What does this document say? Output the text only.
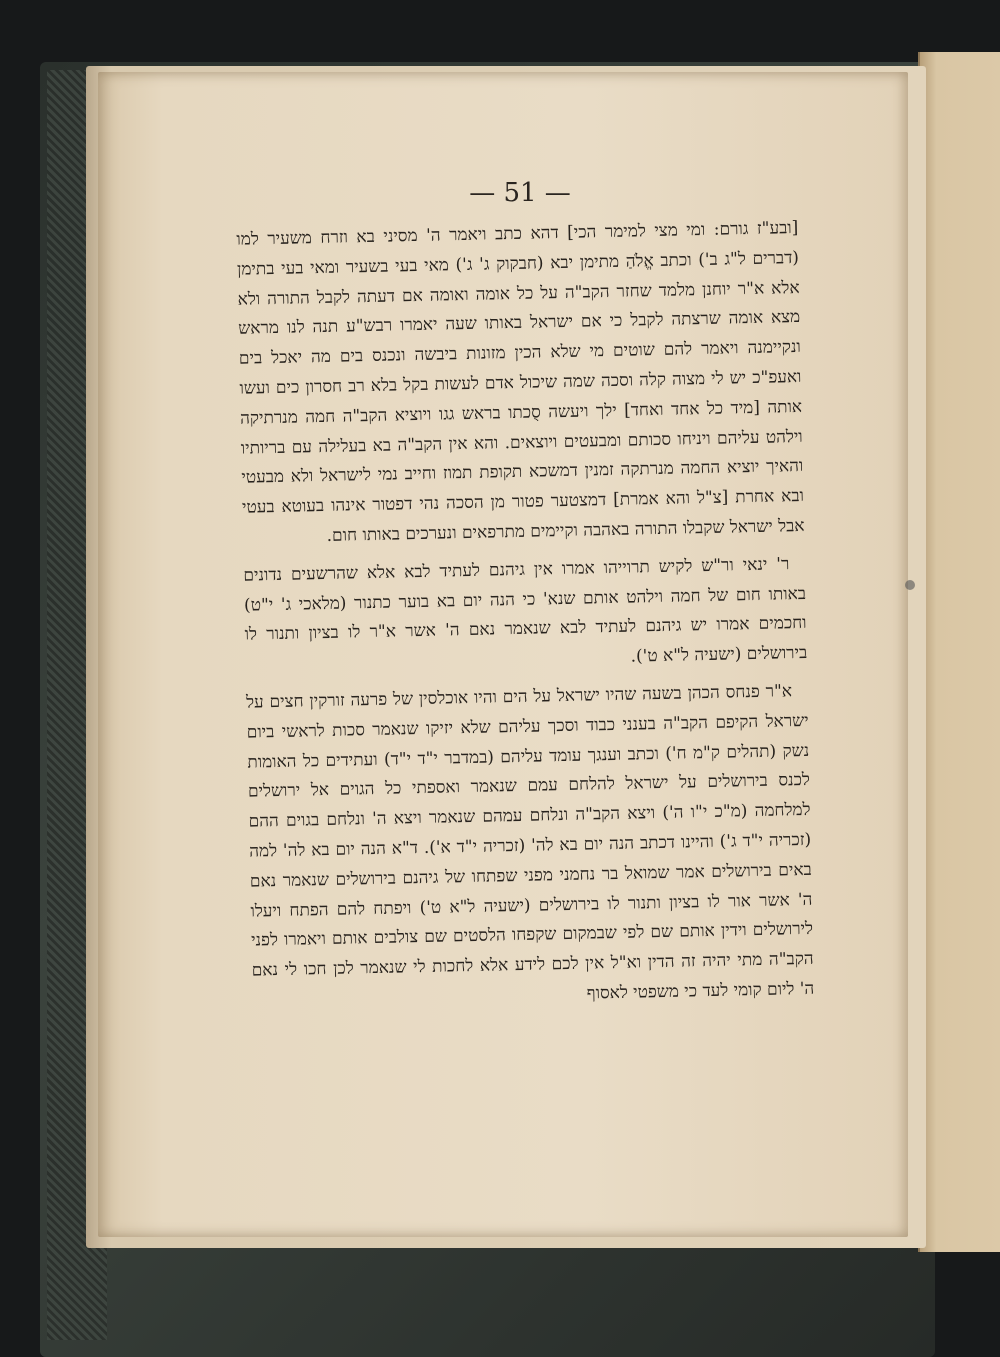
— 51 —

[ובע"ז גורם: ומי מצי למימר הכי] דהא כתב ויאמר ה' מסיני בא וזרח משעיר למו (דברים ל"ג ב') וכתב אֱלֹהַ מתימן יבא (חבקוק ג' ג') מאי בעי בשעיר ומאי בעי בתימן אלא א"ר יוחנן מלמד שחזר הקב"ה על כל אומה ואומה אם דעתה לקבל התורה ולא מצא אומה שרצתה לקבל כי אם ישראל באותו שעה יאמרו רבש"ע תנה לנו מראש ונקיימנה ויאמר להם שוטים מי שלא הכין מזונות ביבשה ונכנס בים מה יאכל בים ואעפ"כ יש לי מצוה קלה וסכה שמה שיכול אדם לעשות בקל בלא רב חסרון כים ועשו אותה [מיד כל אחד ואחד] ילך ויעשה סֻכתו בראש גגו ויוציא הקב"ה חמה מנרתיקה וילהט עליהם ויניחו סכותם ומבעטים ויוצאים. והא אין הקב"ה בא בעלילה עם בריותיו והאיך יוציא החמה מנרתקה זמנין דמשכא תקופת תמוז וחייב נמי לישראל ולא מבעטי ובא אחרת [צ"ל והא אמרת] דמצטער פטור מן הסכה נהי דפטור אינהו בעוטא בעטי אבל ישראל שקבלו התורה באהבה וקיימים מתרפאים ונערכים באותו חום.

ר' ינאי ור"ש לקיש תרוייהו אמרו אין גיהנם לעתיד לבא אלא שהרשעים נדונים באותו חום של חמה וילהט אותם שנא' כי הנה יום בא בוער כתנור (מלאכי ג' י"ט) וחכמים אמרו יש גיהנם לעתיד לבא שנאמר נאם ה' אשר א"ר לו בציון ותנור לו בירושלים (ישעיה ל"א ט').

א"ר פנחס הכהן בשעה שהיו ישראל על הים והיו אוכלסין של פרעה זורקין חצים על ישראל הקיפם הקב"ה בענני כבוד וסכך עליהם שלא יזיקו שנאמר סכות לראשי ביום נשק (תהלים ק"מ ח') וכתב וענגך עומד עליהם (במדבר י"ד י"ד) ועתידים כל האומות לכנס בירושלים על ישראל להלחם עמם שנאמר ואספתי כל הגוים אל ירושלים למלחמה (מ"כ י"ו ה') ויצא הקב"ה ונלחם עמהם שנאמר ויצא ה' ונלחם בגוים ההם (זכריה י"ד ג') והיינו דכתב הנה יום בא לה' (זכריה י"ד א'). ד"א הנה יום בא לה' למה באים בירושלים אמר שמואל בר נחמני מפני שפתחו של גיהנם בירושלים שנאמר נאם ה' אשר אור לו בציון ותנור לו בירושלים (ישעיה ל"א ט') ויפתח להם הפתח ויעלו לירושלים וידין אותם שם לפי שבמקום שקפחו הלסטים שם צולבים אותם ויאמרו לפני הקב"ה מתי יהיה זה הדין וא"ל אין לכם לידע אלא לחכות לי שנאמר לכן חכו לי נאם ה' ליום קומי לעד כי משפטי לאסוף
